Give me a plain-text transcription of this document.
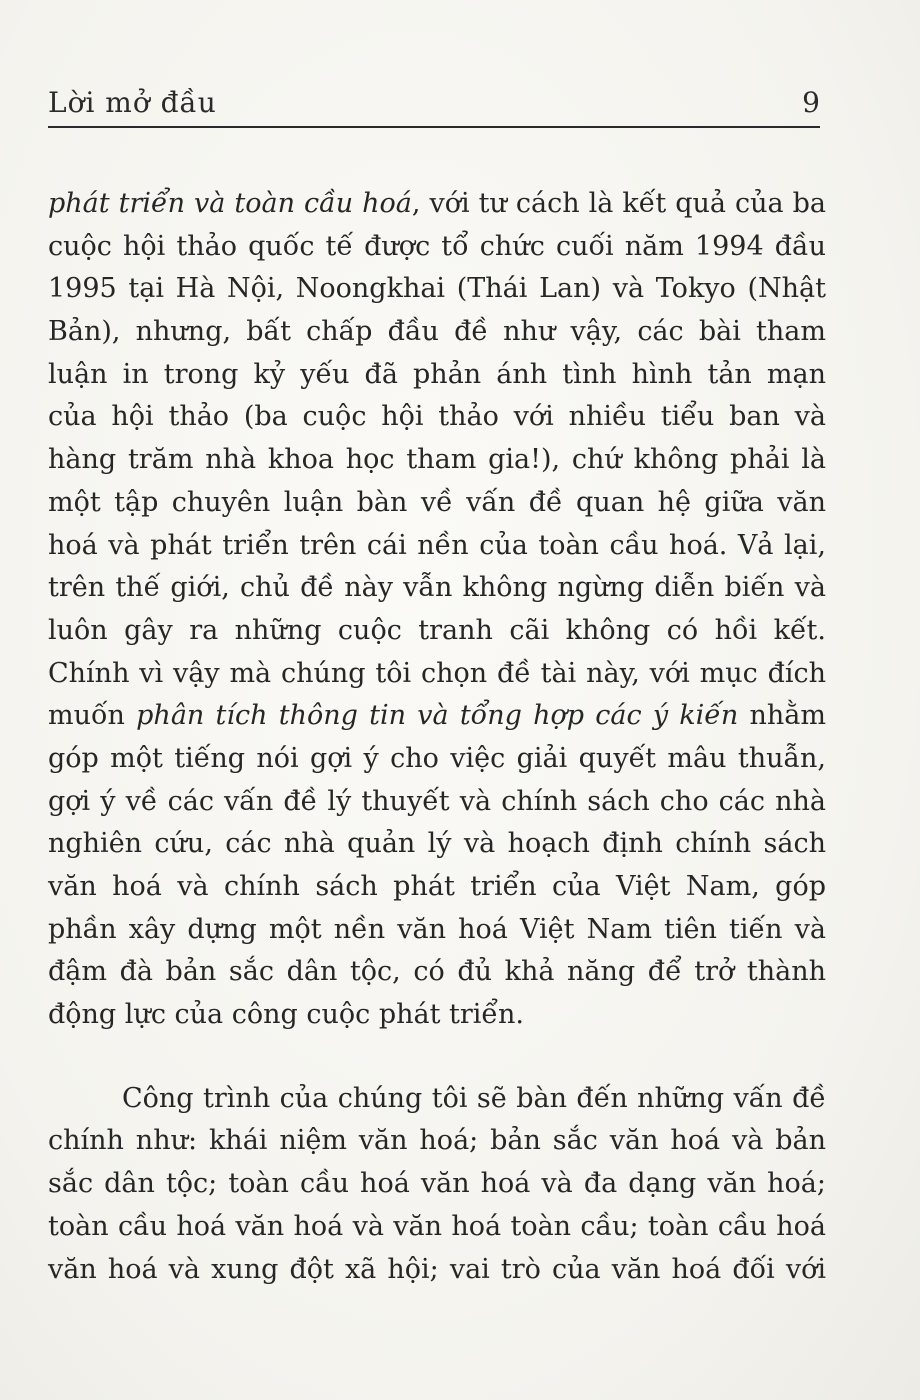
Lời mở đầu	9
phát triển và toàn cầu hoá, với tư cách là kết quả của ba
cuộc hội thảo quốc tế được tổ chức cuối năm 1994 đầu
1995 tại Hà Nội, Noongkhai (Thái Lan) và Tokyo (Nhật
Bản), nhưng, bất chấp đầu đề như vậy, các bài tham
luận in trong kỷ yếu đã phản ánh tình hình tản mạn
của hội thảo (ba cuộc hội thảo với nhiều tiểu ban và
hàng trăm nhà khoa học tham gia!), chứ không phải là
một tập chuyên luận bàn về vấn đề quan hệ giữa văn
hoá và phát triển trên cái nền của toàn cầu hoá. Vả lại,
trên thế giới, chủ đề này vẫn không ngừng diễn biến và
luôn gây ra những cuộc tranh cãi không có hồi kết.
Chính vì vậy mà chúng tôi chọn đề tài này, với mục đích
muốn phân tích thông tin và tổng hợp các ý kiến nhằm
góp một tiếng nói gợi ý cho việc giải quyết mâu thuẫn,
gợi ý về các vấn đề lý thuyết và chính sách cho các nhà
nghiên cứu, các nhà quản lý và hoạch định chính sách
văn hoá và chính sách phát triển của Việt Nam, góp
phần xây dựng một nền văn hoá Việt Nam tiên tiến và
đậm đà bản sắc dân tộc, có đủ khả năng để trở thành
động lực của công cuộc phát triển.
Công trình của chúng tôi sẽ bàn đến những vấn đề
chính như: khái niệm văn hoá; bản sắc văn hoá và bản
sắc dân tộc; toàn cầu hoá văn hoá và đa dạng văn hoá;
toàn cầu hoá văn hoá và văn hoá toàn cầu; toàn cầu hoá
văn hoá và xung đột xã hội; vai trò của văn hoá đối với
